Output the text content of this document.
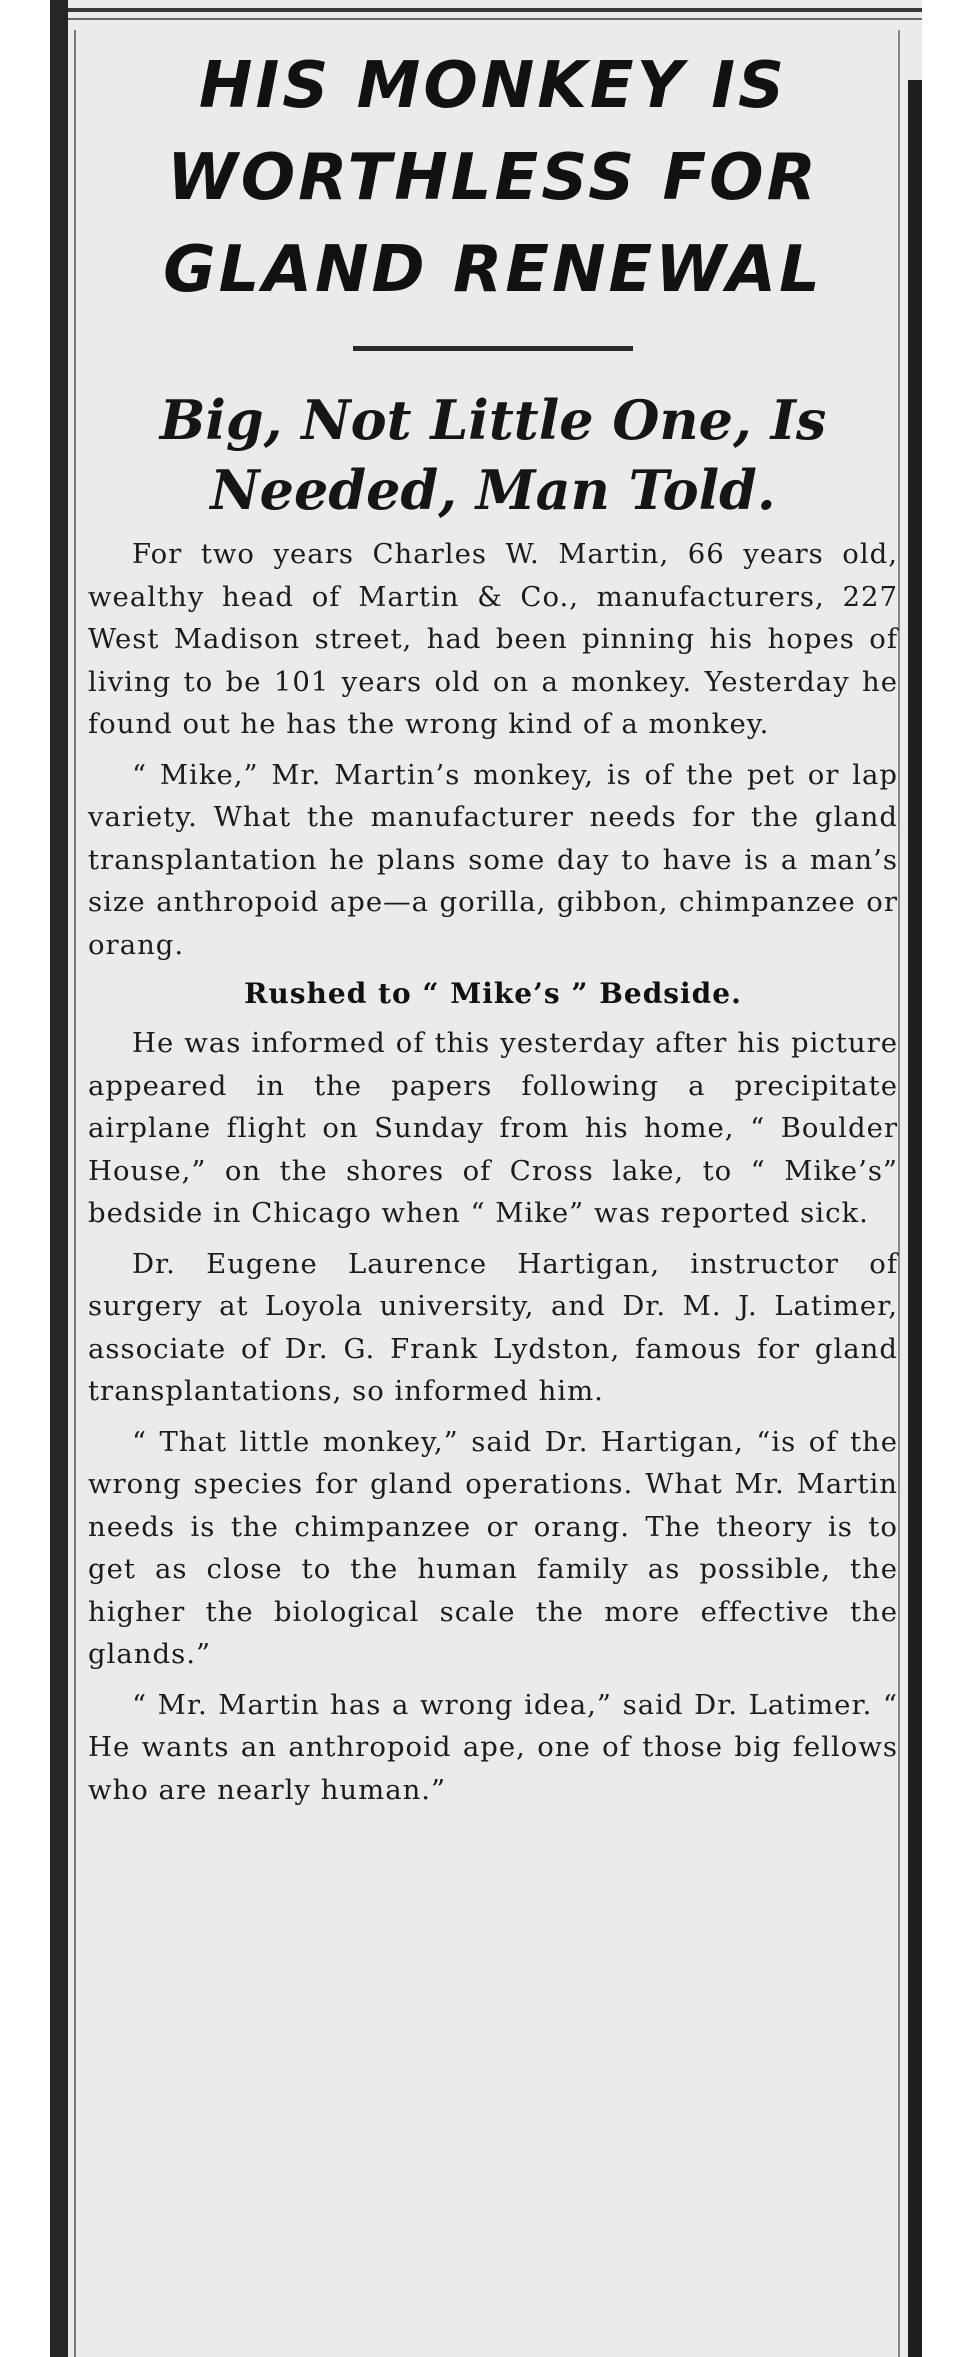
HIS MONKEY IS
WORTHLESS FOR
GLAND RENEWAL
Big, Not Little One, Is
Needed, Man Told.

For two years Charles W. Martin, 66 years old, wealthy head of Martin & Co., manufacturers, 227 West Madison street, had been pinning his hopes of living to be 101 years old on a monkey. Yesterday he found out he has the wrong kind of a monkey.

“ Mike,” Mr. Martin’s monkey, is of the pet or lap variety. What the manufacturer needs for the gland transplantation he plans some day to have is a man’s size anthropoid ape—a gorilla, gibbon, chimpanzee or orang.

Rushed to “ Mike’s ” Bedside.

He was informed of this yesterday after his picture appeared in the papers following a precipitate airplane flight on Sunday from his home, “ Boulder House,” on the shores of Cross lake, to “ Mike’s” bedside in Chicago when “ Mike” was reported sick.

Dr. Eugene Laurence Hartigan, instructor of surgery at Loyola university, and Dr. M. J. Latimer, associate of Dr. G. Frank Lydston, famous for gland transplantations, so informed him.

“ That little monkey,” said Dr. Hartigan, “is of the wrong species for gland operations. What Mr. Martin needs is the chimpanzee or orang. The theory is to get as close to the human family as possible, the higher the biological scale the more effective the glands.”

“ Mr. Martin has a wrong idea,” said Dr. Latimer. “ He wants an anthropoid ape, one of those big fellows who are nearly human.”
